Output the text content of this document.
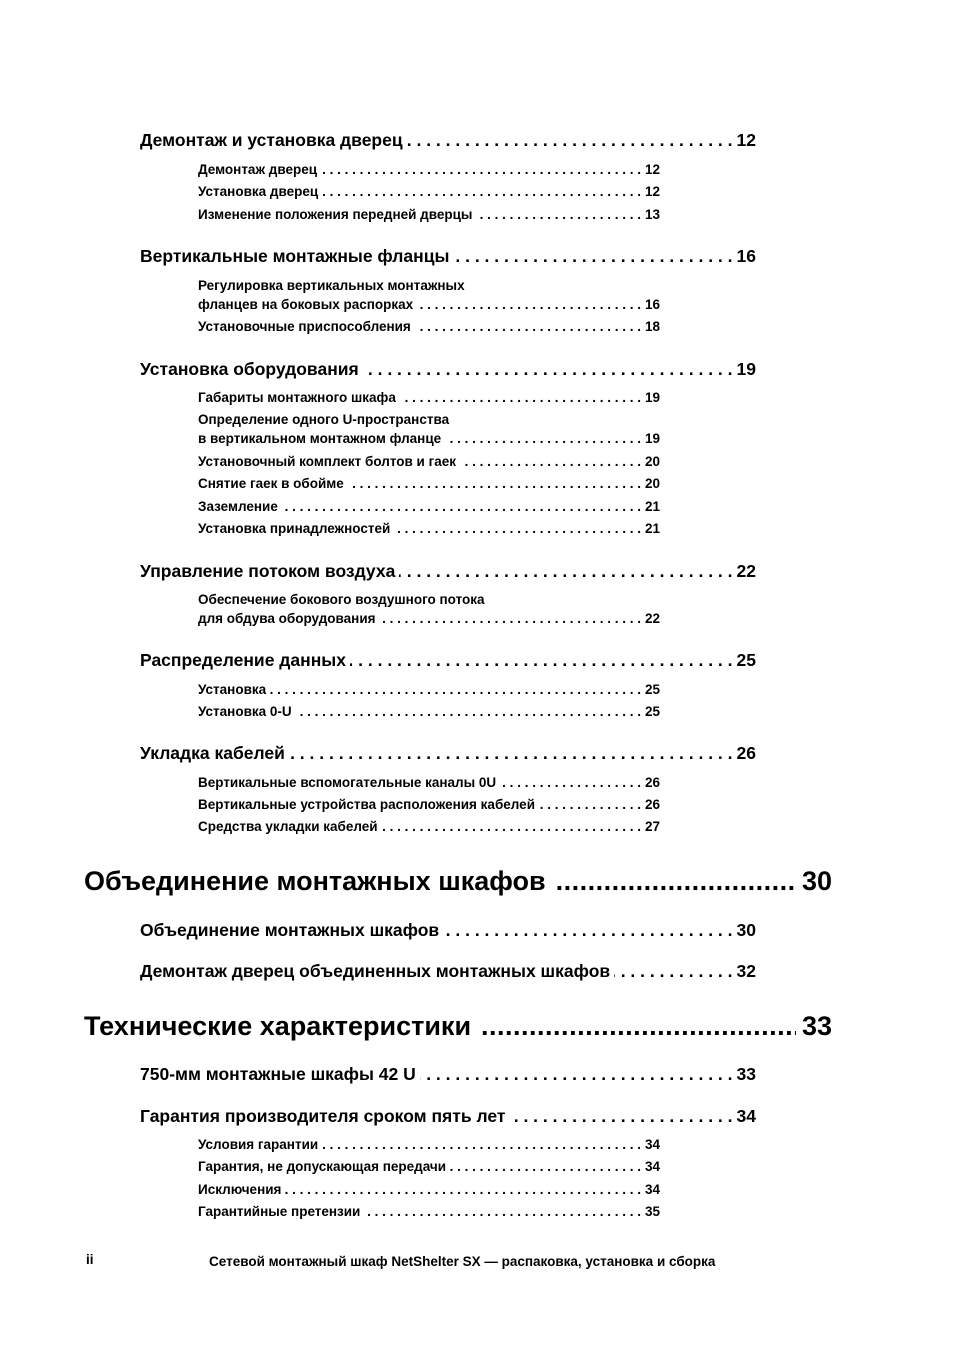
Демонтаж и установка дверец . . .	12
Демонтаж дверец . . .	12
Установка дверец . . .	12
Изменение положения передней дверцы . . .	13
Вертикальные монтажные фланцы . . .	16
Регулировка вертикальных монтажных
фланцев на боковых распорках . . .	16
Установочные приспособления . . .	18
Установка оборудования . . .	19
Габариты монтажного шкафа . . .	19
Определение одного U-пространства
в вертикальном монтажном фланце . . .	19
Установочный комплект болтов и гаек . . .	20
Снятие гаек в обойме . . .	20
Заземление . . .	21
Установка принадлежностей . . .	21
Управление потоком воздуха . . .	22
Обеспечение бокового воздушного потока
для обдува оборудования . . .	22
Распределение данных . . .	25
Установка . . .	25
Установка 0-U . . .	25
Укладка кабелей . . .	26
Вертикальные вспомогательные каналы 0U . . .	26
Вертикальные устройства расположения кабелей . . .	26
Средства укладки кабелей . . .	27
Объединение монтажных шкафов .....	30
Объединение монтажных шкафов . . .	30
Демонтаж дверец объединенных монтажных шкафов . . .	32
Технические характеристики .....	33
750-мм монтажные шкафы 42 U . . .	33
Гарантия производителя сроком пять лет . . .	34
Условия гарантии . . .	34
Гарантия, не допускающая передачи . . .	34
Исключения . . .	34
Гарантийные претензии . . .	35
ii	Сетевой монтажный шкаф NetShelter SX — распаковка, установка и сборка
